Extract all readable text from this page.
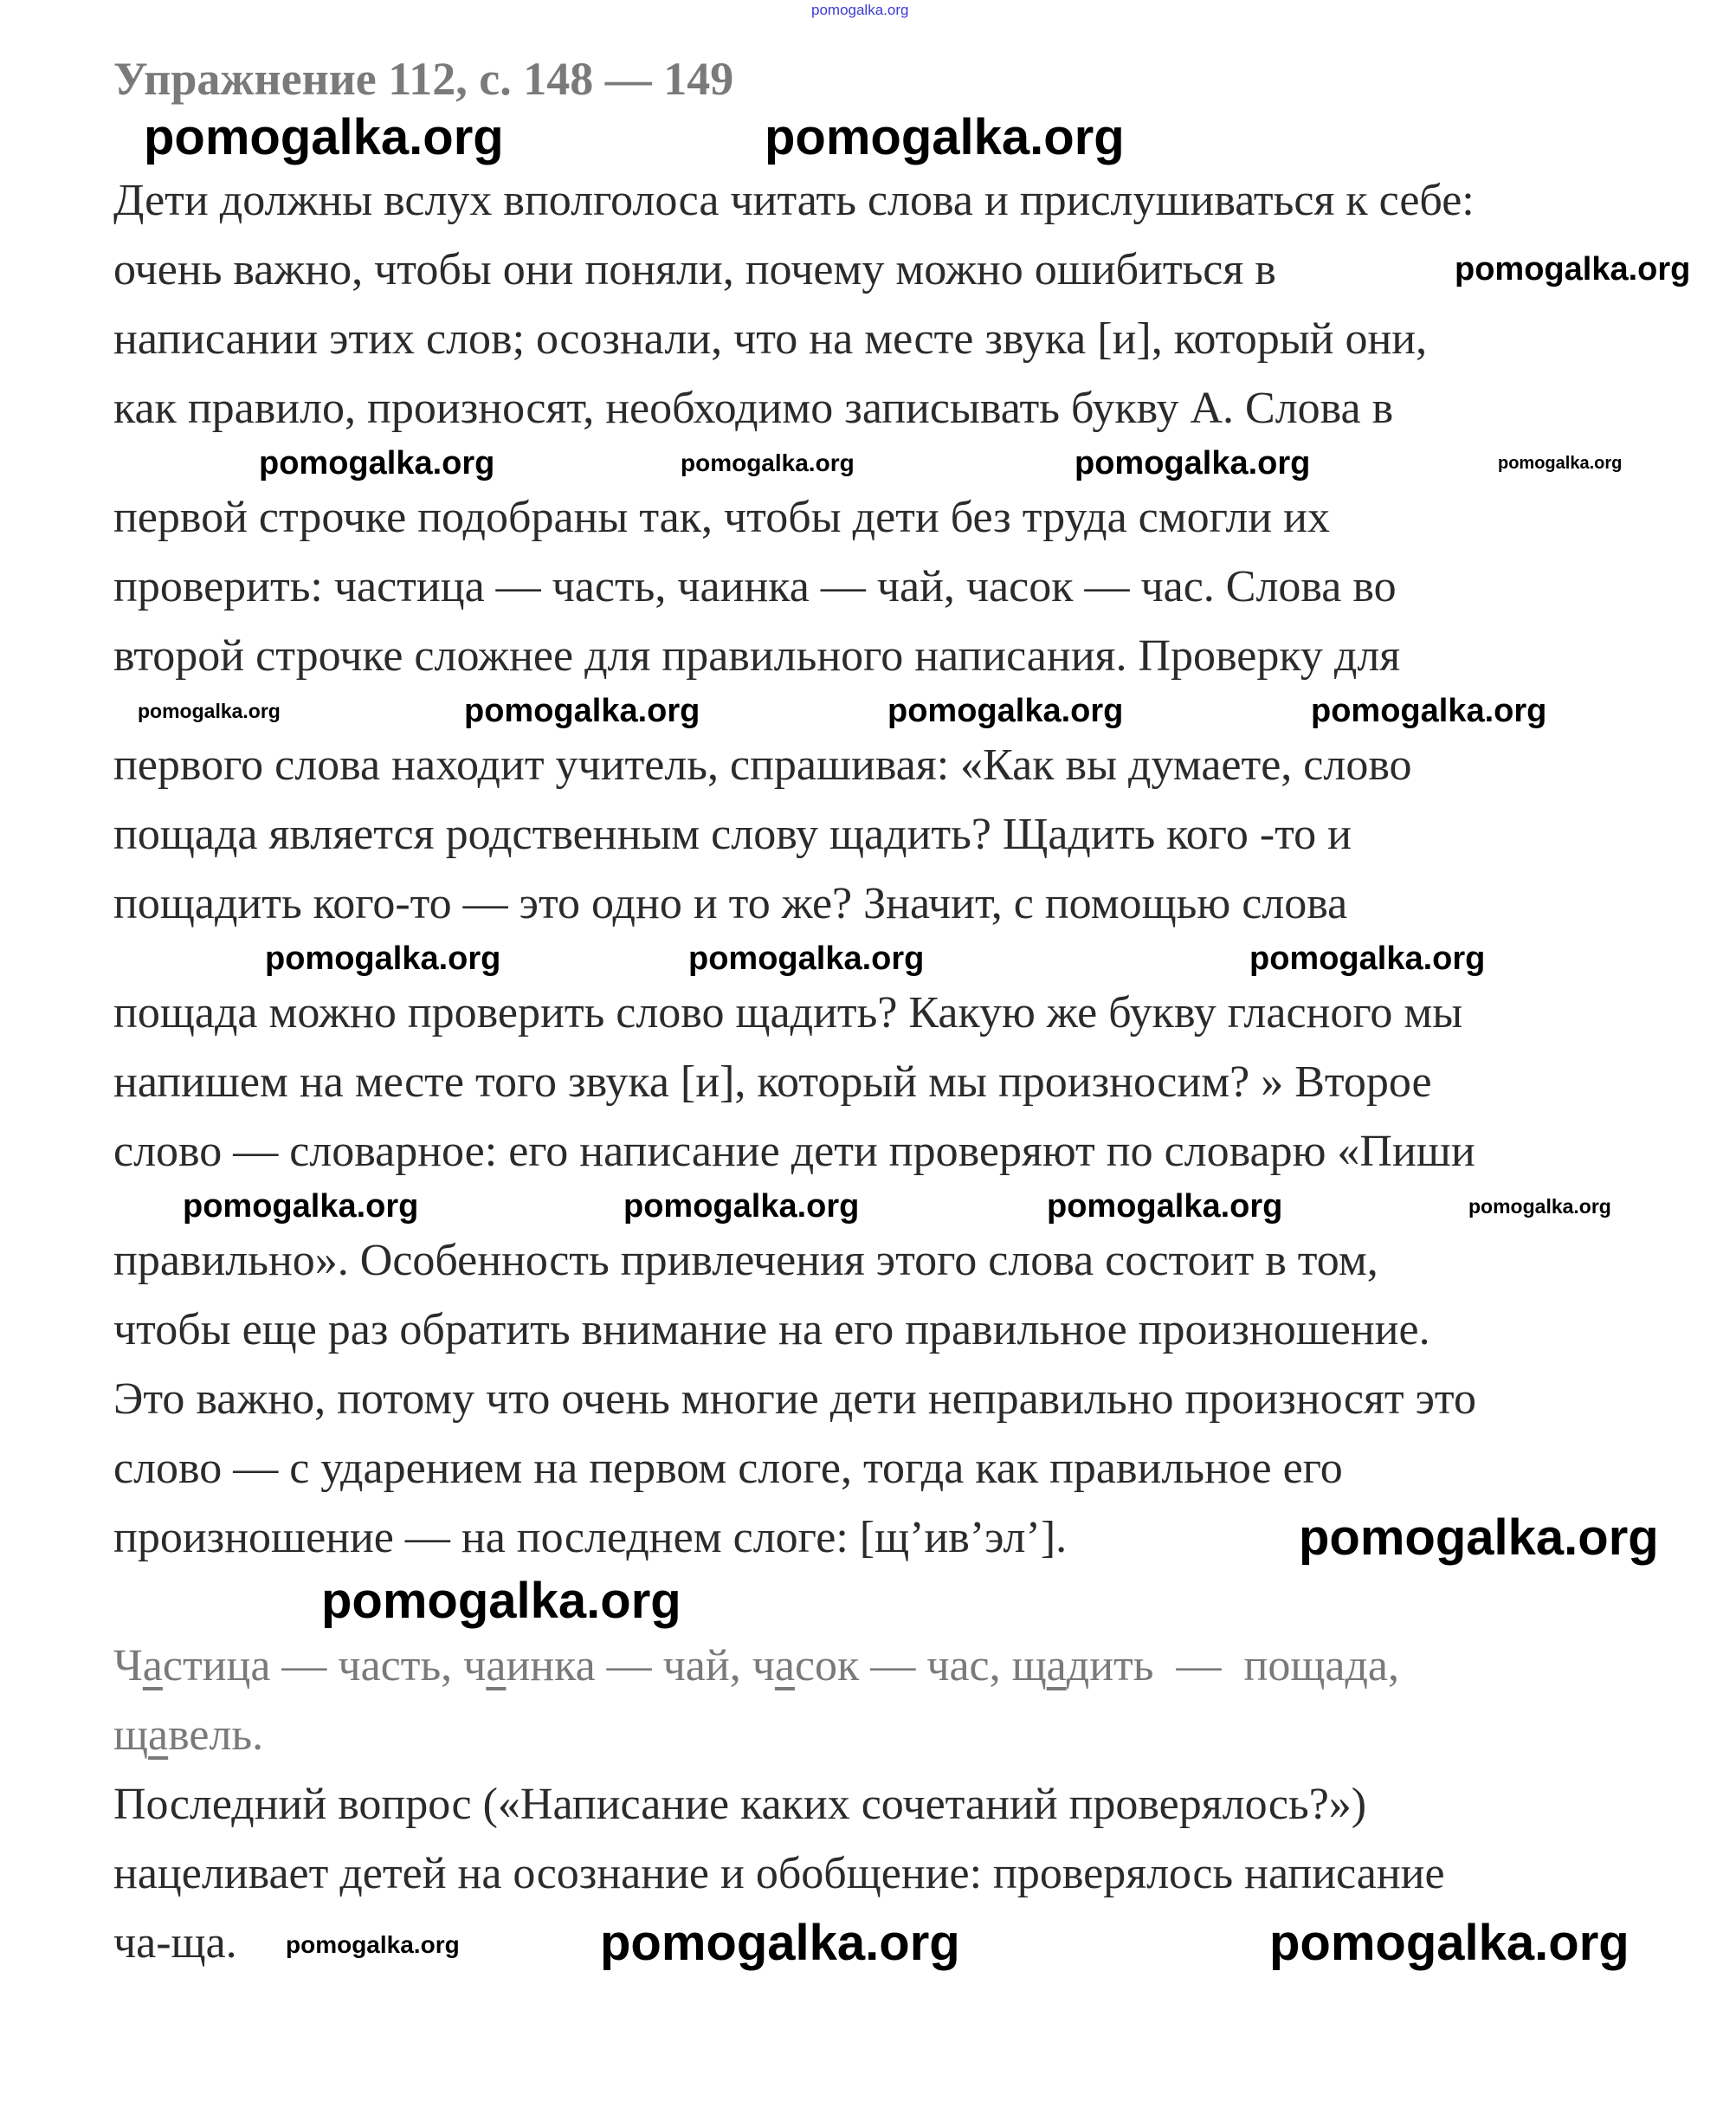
pomogalka.org
Упражнение 112, с. 148 — 149
Дети должны вслух вполголоса читать слова и прислушиваться к себе:
очень важно, чтобы они поняли, почему можно ошибиться в
написании этих слов; осознали, что на месте звука [и], который они,
как правило, произносят, необходимо записывать букву А. Слова в
первой строчке подобраны так, чтобы дети без труда смогли их
проверить: частица — часть, чаинка — чай, часок — час. Слова во
второй строчке сложнее для правильного написания. Проверку для
первого слова находит учитель, спрашивая: «Как вы думаете, слово
пощада является родственным слову щадить? Щадить кого -то и
пощадить кого-то — это одно и то же? Значит, с помощью слова
пощада можно проверить слово щадить? Какую же букву гласного мы
напишем на месте того звука [и], который мы произносим? » Второе
слово — словарное: его написание дети проверяют по словарю «Пиши
правильно». Особенность привлечения этого слова состоит в том,
чтобы еще раз обратить внимание на его правильное произношение.
Это важно, потому что очень многие дети неправильно произносят это
слово — с ударением на первом слоге, тогда как правильное его
произношение — на последнем слоге: [щ’ив’эл’].
Частица — часть, чаинка — чай, часок — час, щадить  —  пощада,
щавель.
Последний вопрос («Написание каких сочетаний проверялось?»)
нацеливает детей на осознание и обобщение: проверялось написание
ча-ща.
pomogalka.org	pomogalka.org
pomogalka.org
pomogalka.org	pomogalka.org	pomogalka.org	pomogalka.org
pomogalka.org	pomogalka.org	pomogalka.org	pomogalka.org
pomogalka.org	pomogalka.org	pomogalka.org
pomogalka.org	pomogalka.org	pomogalka.org	pomogalka.org
pomogalka.org
pomogalka.org
pomogalka.org	pomogalka.org	pomogalka.org
